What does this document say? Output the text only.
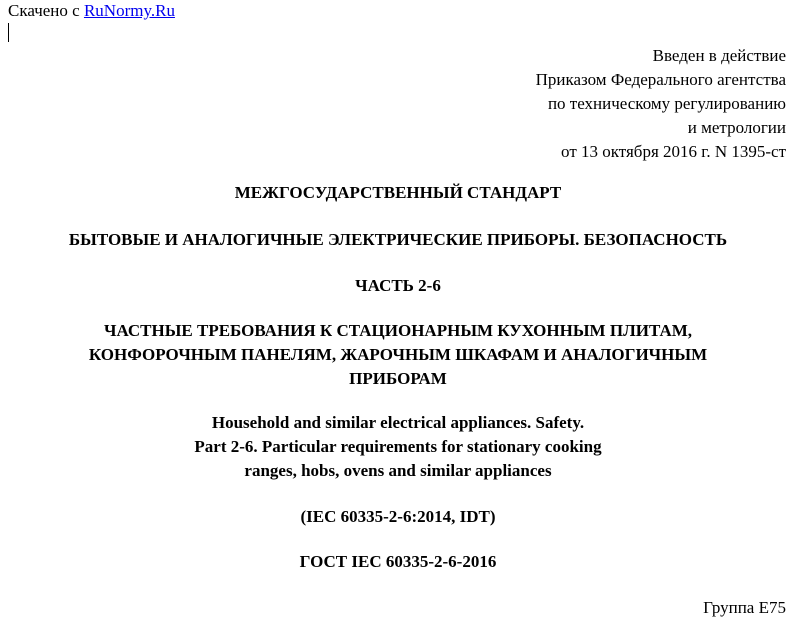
Скачено с RuNormy.Ru
Введен в действие
Приказом Федерального агентства
по техническому регулированию
и метрологии
от 13 октября 2016 г. N 1395-ст
МЕЖГОСУДАРСТВЕННЫЙ СТАНДАРТ
БЫТОВЫЕ И АНАЛОГИЧНЫЕ ЭЛЕКТРИЧЕСКИЕ ПРИБОРЫ. БЕЗОПАСНОСТЬ
ЧАСТЬ 2-6
ЧАСТНЫЕ ТРЕБОВАНИЯ К СТАЦИОНАРНЫМ КУХОННЫМ ПЛИТАМ,
КОНФОРОЧНЫМ ПАНЕЛЯМ, ЖАРОЧНЫМ ШКАФАМ И АНАЛОГИЧНЫМ
ПРИБОРАМ
Household and similar electrical appliances. Safety.
Part 2-6. Particular requirements for stationary cooking
ranges, hobs, ovens and similar appliances
(IEC 60335-2-6:2014, IDT)
ГОСТ IEC 60335-2-6-2016
Группа Е75
